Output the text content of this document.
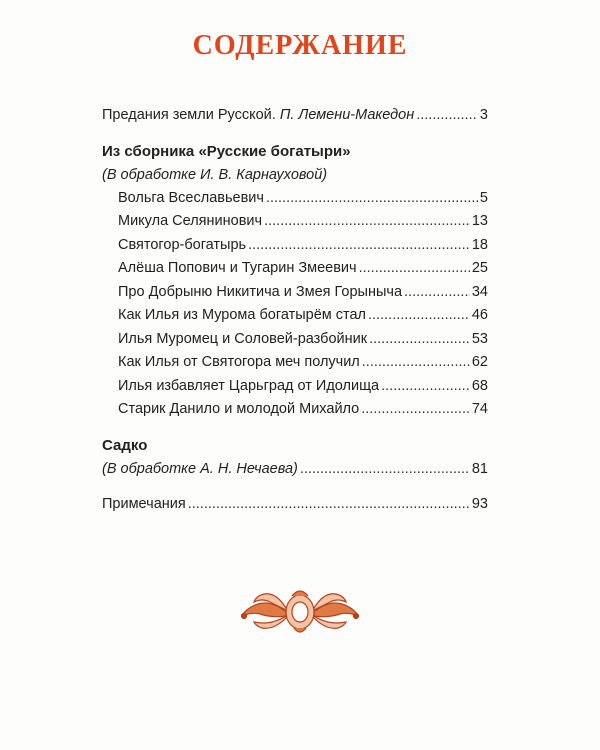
СОДЕРЖАНИЕ
Предания земли Русской. П. Лемени-Македон .....	3
Из сборника «Русские богатыри»
(В обработке И. В. Карнауховой)
Вольга Всеславьевич .....	5
Микула Селянинович .....	13
Святогор-богатырь .....	18
Алёша Попович и Тугарин Змеевич .....	25
Про Добрыню Никитича и Змея Горыныча .....	34
Как Илья из Мурома богатырём стал .....	46
Илья Муромец и Соловей-разбойник .....	53
Как Илья от Святогора меч получил .....	62
Илья избавляет Царьград от Идолища .....	68
Старик Данило и молодой Михайло .....	74
Садко
(В обработке А. Н. Нечаева) .....	81
Примечания .....	93
